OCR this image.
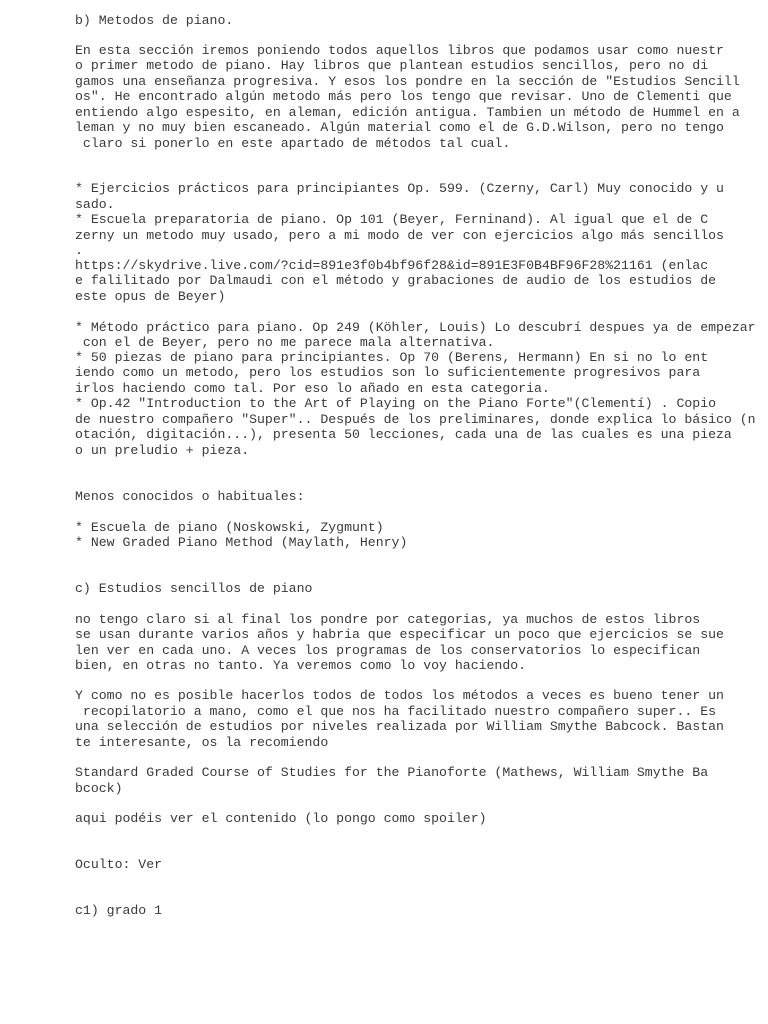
b) Metodos de piano.
En esta sección iremos poniendo todos aquellos libros que podamos usar como nuestr
o primer metodo de piano. Hay libros que plantean estudios sencillos, pero no di
gamos una enseñanza progresiva. Y esos los pondre en la sección de "Estudios Sencill
os". He encontrado algún metodo más pero los tengo que revisar. Uno de Clementi que
entiendo algo espesito, en aleman, edición antigua. Tambien un método de Hummel en a
leman y no muy bien escaneado. Algún material como el de G.D.Wilson, pero no tengo
claro si ponerlo en este apartado de métodos tal cual.
* Ejercicios prácticos para principiantes Op. 599. (Czerny, Carl) Muy conocido y u
sado.
* Escuela preparatoria de piano. Op 101 (Beyer, Ferninand). Al igual que el de C
zerny un metodo muy usado, pero a mi modo de ver con ejercicios algo más sencillos
.
https://skydrive.live.com/?cid=891e3f0b4bf96f28&id=891E3F0B4BF96F28%21161 (enlac
e falilitado por Dalmaudi con el método y grabaciones de audio de los estudios de
este opus de Beyer)
* Método práctico para piano. Op 249 (Köhler, Louis) Lo descubrí despues ya de empezar
con el de Beyer, pero no me parece mala alternativa.
* 50 piezas de piano para principiantes. Op 70 (Berens, Hermann) En si no lo ent
iendo como un metodo, pero los estudios son lo suficientemente progresivos para
irlos haciendo como tal. Por eso lo añado en esta categoria.
* Op.42 "Introduction to the Art of Playing on the Piano Forte"(Clementí) . Copio
de nuestro compañero "Super".. Después de los preliminares, donde explica lo básico (n
otación, digitación...), presenta 50 lecciones, cada una de las cuales es una pieza
o un preludio + pieza.
Menos conocidos o habituales:
* Escuela de piano (Noskowski, Zygmunt)
* New Graded Piano Method (Maylath, Henry)
c) Estudios sencillos de piano
no tengo claro si al final los pondre por categorias, ya muchos de estos libros
se usan durante varios años y habria que especificar un poco que ejercicios se sue
len ver en cada uno. A veces los programas de los conservatorios lo especifican
bien, en otras no tanto. Ya veremos como lo voy haciendo.
Y como no es posible hacerlos todos de todos los métodos a veces es bueno tener un
recopilatorio a mano, como el que nos ha facilitado nuestro compañero super.. Es
una selección de estudios por niveles realizada por William Smythe Babcock. Bastan
te interesante, os la recomiendo
Standard Graded Course of Studies for the Pianoforte (Mathews, William Smythe Ba
bcock)
aqui podéis ver el contenido (lo pongo como spoiler)
Oculto: Ver
c1) grado 1
